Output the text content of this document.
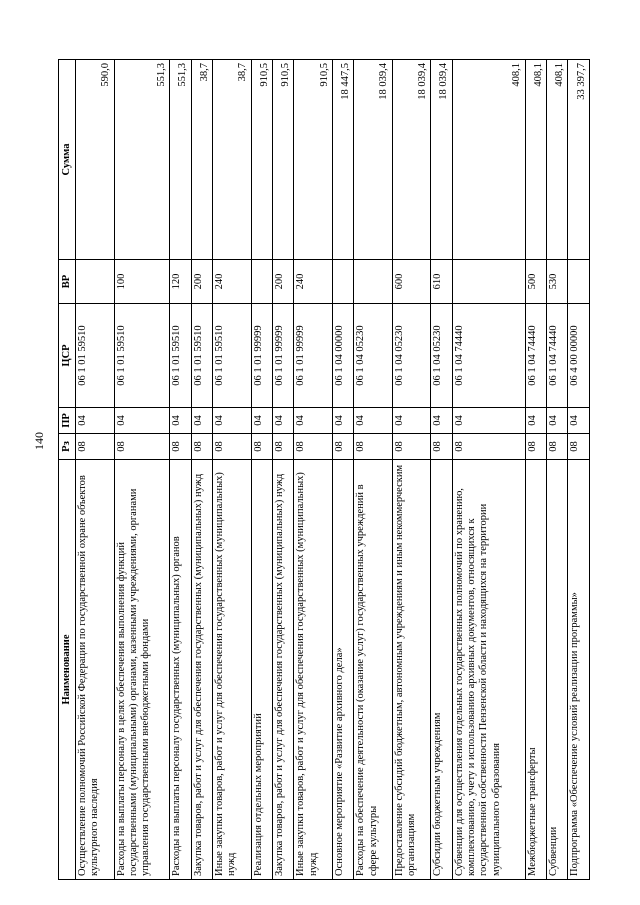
140
Наименование	Рз	ПР	ЦСР	ВР	Сумма
Осуществление полномочий Российской Федерации по государственной охране объектов культурного наследия	08	04	06 1 01 59510		590,0
Расходы на выплаты персоналу в целях обеспечения выполнения функций государственными (муниципальными) органами, казенными учреждениями, органами управления государственными внебюджетными фондами	08	04	06 1 01 59510	100	551,3
Расходы на выплаты персоналу государственных (муниципальных) органов	08	04	06 1 01 59510	120	551,3
Закупка товаров, работ и услуг для обеспечения государственных (муниципальных) нужд	08	04	06 1 01 59510	200	38,7
Иные закупки товаров, работ и услуг для обеспечения государственных (муниципальных) нужд	08	04	06 1 01 59510	240	38,7
Реализация отдельных мероприятий	08	04	06 1 01 99999		910,5
Закупка товаров, работ и услуг для обеспечения государственных (муниципальных) нужд	08	04	06 1 01 99999	200	910,5
Иные закупки товаров, работ и услуг для обеспечения государственных (муниципальных) нужд	08	04	06 1 01 99999	240	910,5
Основное мероприятие «Развитие архивного дела»	08	04	06 1 04 00000		18 447,5
Расходы на обеспечение деятельности (оказание услуг) государственных учреждений в сфере культуры	08	04	06 1 04 05230		18 039,4
Предоставление субсидий бюджетным, автономным учреждениям и иным некоммерческим организациям	08	04	06 1 04 05230	600	18 039,4
Субсидии бюджетным учреждениям	08	04	06 1 04 05230	610	18 039,4
Субвенции для осуществления отдельных государственных полномочий по хранению, комплектованию, учету и использованию архивных документов, относящихся к государственной собственности Пензенской области и находящихся на территории муниципального образования	08	04	06 1 04 74440		408,1
Межбюджетные трансферты	08	04	06 1 04 74440	500	408,1
Субвенции	08	04	06 1 04 74440	530	408,1
Подпрограмма «Обеспечение условий реализации программы»	08	04	06 4 00 00000		33 397,7
